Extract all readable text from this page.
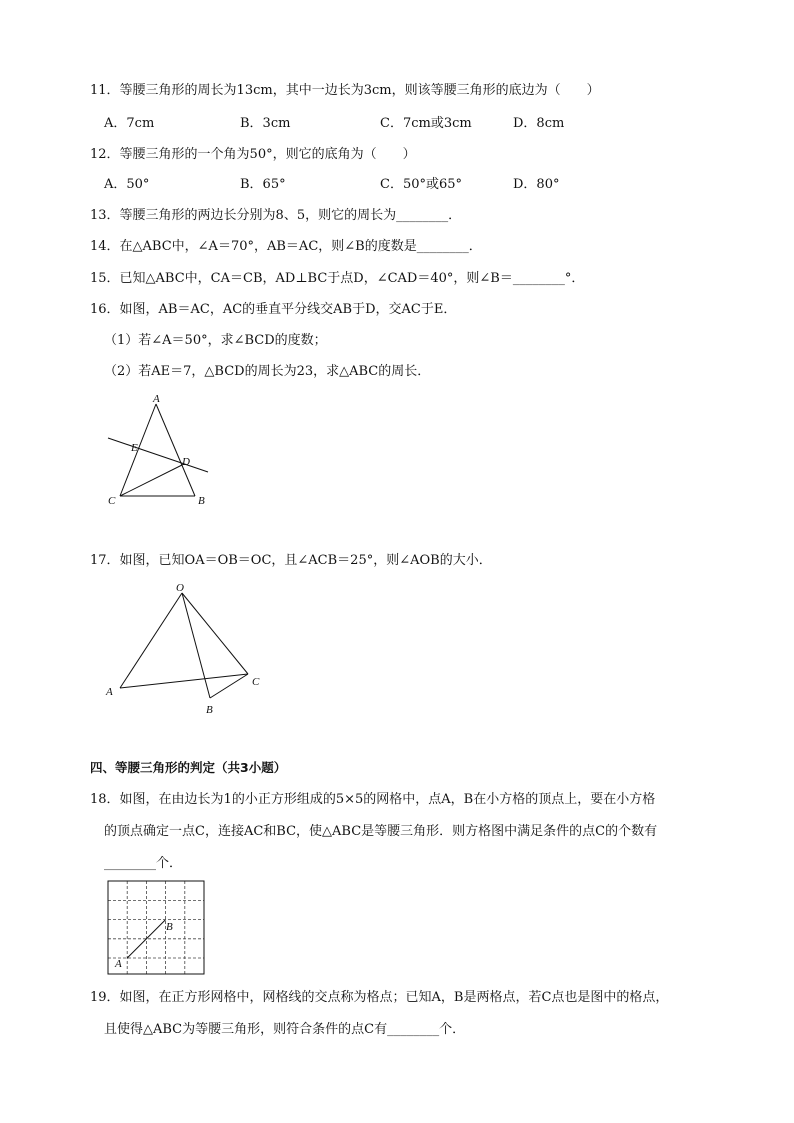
11．等腰三角形的周长为13cm，其中一边长为3cm，则该等腰三角形的底边为（　　）
A．7cm	B．3cm	C．7cm或3cm	D．8cm
12．等腰三角形的一个角为50°，则它的底角为（　　）
A．50°	B．65°	C．50°或65°	D．80°
13．等腰三角形的两边长分别为8、5，则它的周长为________．
14．在△ABC中，∠A＝70°，AB＝AC，则∠B的度数是________．
15．已知△ABC中，CA＝CB，AD⊥BC于点D，∠CAD＝40°，则∠B＝________°．
16．如图，AB＝AC，AC的垂直平分线交AB于D，交AC于E．
（1）若∠A＝50°，求∠BCD的度数；
（2）若AE＝7，△BCD的周长为23，求△ABC的周长．
A
E
D
C	B
17．如图，已知OA＝OB＝OC，且∠ACB＝25°，则∠AOB的大小．
O
A
B
C
四、等腰三角形的判定（共3小题）
18．如图，在由边长为1的小正方形组成的5×5的网格中，点A，B在小方格的顶点上，要在小方格
的顶点确定一点C，连接AC和BC，使△ABC是等腰三角形．则方格图中满足条件的点C的个数有
________个．
A
B
19．如图，在正方形网格中，网格线的交点称为格点；已知A，B是两格点，若C点也是图中的格点，
且使得△ABC为等腰三角形，则符合条件的点C有________个．
